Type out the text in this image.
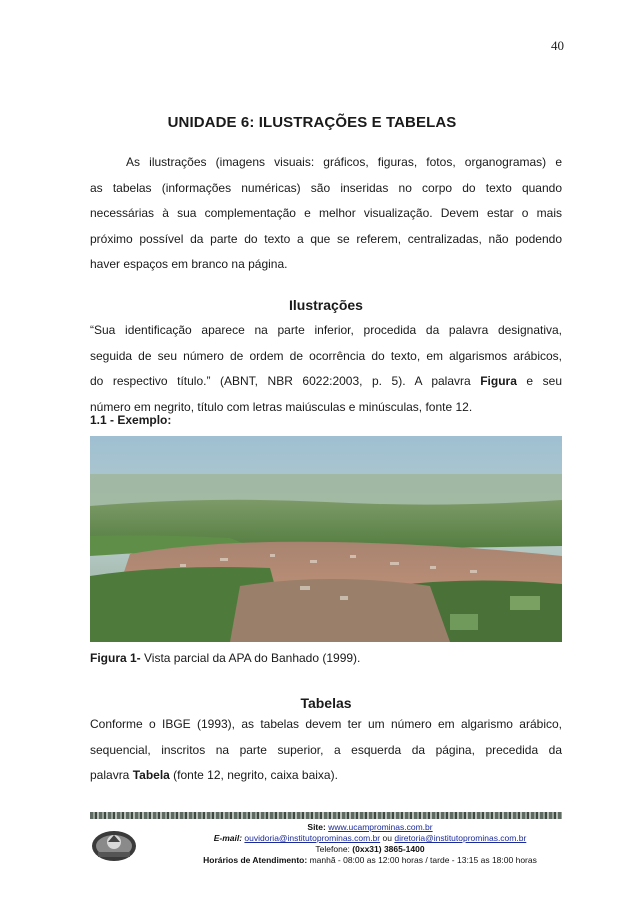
40
UNIDADE 6: ILUSTRAÇÕES E TABELAS
As ilustrações (imagens visuais: gráficos, figuras, fotos, organogramas) e
as tabelas (informações numéricas) são inseridas no corpo do texto quando
necessárias à sua complementação e melhor visualização. Devem estar o mais
próximo possível da parte do texto a que se referem, centralizadas, não podendo
haver espaços em branco na página.
Ilustrações
“Sua identificação aparece na parte inferior, procedida da palavra designativa,
seguida de seu número de ordem de ocorrência do texto, em algarismos arábicos,
do respectivo título.” (ABNT, NBR 6022:2003, p. 5). A palavra Figura e seu
número em negrito, título com letras maiúsculas e minúsculas, fonte 12.
1.1 - Exemplo:
Figura 1- Vista parcial da APA do Banhado (1999).
Tabelas
Conforme o IBGE (1993), as tabelas devem ter um número em algarismo arábico,
sequencial, inscritos na parte superior, a esquerda da página, precedida da
palavra Tabela (fonte 12, negrito, caixa baixa).
Site: www.ucamprominas.com.br
E-mail: ouvidoria@institutoprominas.com.br ou diretoria@institutoprominas.com.br
Telefone: (0xx31) 3865-1400
Horários de Atendimento: manhã - 08:00 as 12:00 horas / tarde - 13:15 as 18:00 horas
